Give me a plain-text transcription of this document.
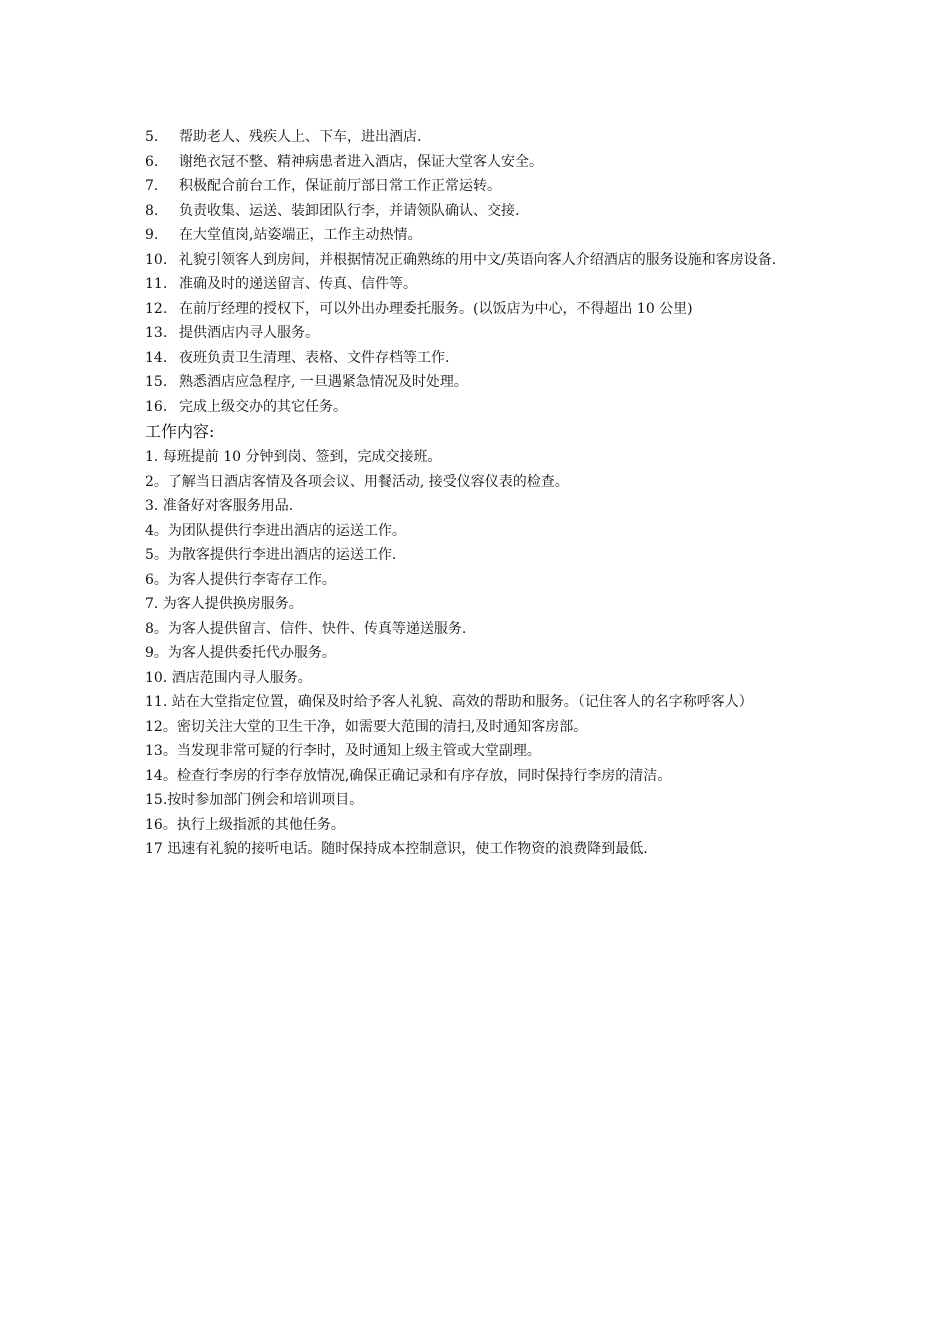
5.	帮助老人、残疾人上、下车，进出酒店.
6.	谢绝衣冠不整、精神病患者进入酒店，保证大堂客人安全。
7.	积极配合前台工作，保证前厅部日常工作正常运转。
8.	负责收集、运送、装卸团队行李，并请领队确认、交接.
9.	在大堂值岗,站姿端正，工作主动热情。
10. 礼貌引领客人到房间，并根据情况正确熟练的用中文/英语向客人介绍酒店的服务设施和客房设备.
11. 准确及时的递送留言、传真、信件等。
12. 在前厅经理的授权下，可以外出办理委托服务。(以饭店为中心，不得超出 10 公里)
13. 提供酒店内寻人服务。
14. 夜班负责卫生清理、表格、文件存档等工作.
15. 熟悉酒店应急程序, 一旦遇紧急情况及时处理。
16. 完成上级交办的其它任务。
工作内容:
1. 每班提前 10 分钟到岗、签到，完成交接班。
2。了解当日酒店客情及各项会议、用餐活动, 接受仪容仪表的检查。
3. 准备好对客服务用品.
4。为团队提供行李进出酒店的运送工作。
5。为散客提供行李进出酒店的运送工作.
6。为客人提供行李寄存工作。
7. 为客人提供换房服务。
8。为客人提供留言、信件、快件、传真等递送服务.
9。为客人提供委托代办服务。
10. 酒店范围内寻人服务。
11. 站在大堂指定位置，确保及时给予客人礼貌、高效的帮助和服务。（记住客人的名字称呼客人）
12。密切关注大堂的卫生干净，如需要大范围的清扫,及时通知客房部。
13。当发现非常可疑的行李时，及时通知上级主管或大堂副理。
14。检查行李房的行李存放情况,确保正确记录和有序存放，同时保持行李房的清洁。
15.按时参加部门例会和培训项目。
16。执行上级指派的其他任务。
17 迅速有礼貌的接听电话。随时保持成本控制意识，使工作物资的浪费降到最低.
